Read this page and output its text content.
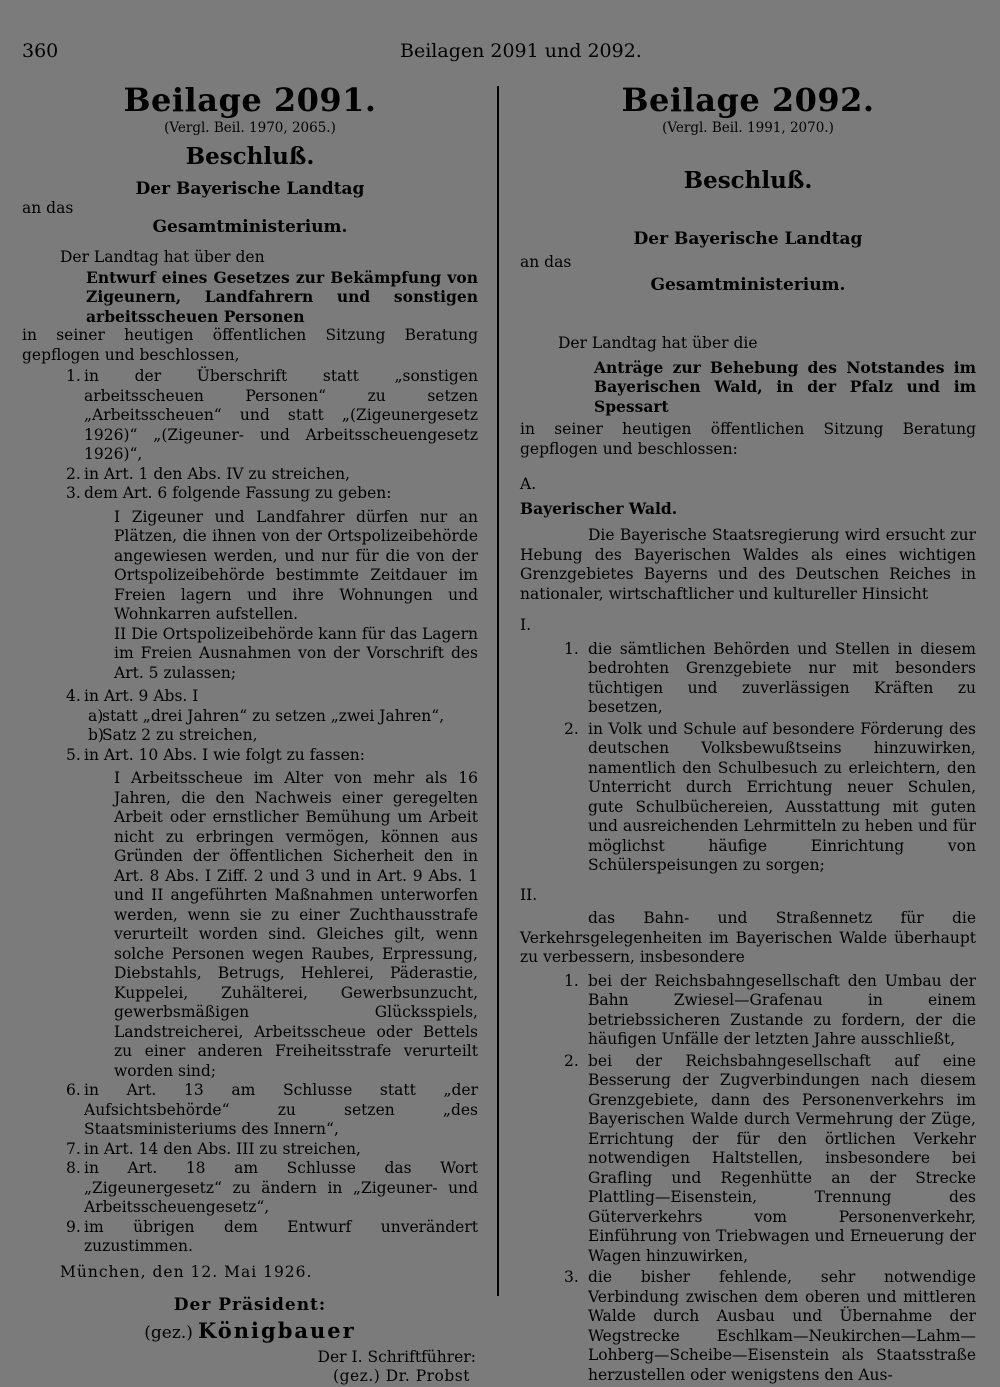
360	Beilagen 2091 und 2092.
Beilage 2091.

(Vergl. Beil. 1970, 2065.)

Beschluß.
Der Bayerische Landtag
an das
Gesamtministerium.

Der Landtag hat über den

Entwurf eines Gesetzes zur Bekämpfung von Zigeunern, Landfahrern und sonstigen arbeitsscheuen Personen

in seiner heutigen öffentlichen Sitzung Beratung gepflogen und beschlossen,

1. in der Überschrift statt „sonstigen arbeitsscheuen Personen“ zu setzen „Arbeitsscheuen“ und statt „(Zigeunergesetz 1926)“ „(Zigeuner- und Arbeitsscheuengesetz 1926)“,
2. in Art. 1 den Abs. IV zu streichen,
3. dem Art. 6 folgende Fassung zu geben:
I Zigeuner und Landfahrer dürfen nur an Plätzen, die ihnen von der Ortspolizeibehörde angewiesen werden, und nur für die von der Ortspolizeibehörde bestimmte Zeitdauer im Freien lagern und ihre Wohnungen und Wohnkarren aufstellen.
II Die Ortspolizeibehörde kann für das Lagern im Freien Ausnahmen von der Vorschrift des Art. 5 zulassen;
4. in Art. 9 Abs. I
a)
statt „drei Jahren“ zu setzen „zwei Jahren“,
b)
Satz 2 zu streichen,
5. in Art. 10 Abs. I wie folgt zu fassen:
I Arbeitsscheue im Alter von mehr als 16 Jahren, die den Nachweis einer geregelten Arbeit oder ernstlicher Bemühung um Arbeit nicht zu erbringen vermögen, können aus Gründen der öffentlichen Sicherheit den in Art. 8 Abs. I Ziff. 2 und 3 und in Art. 9 Abs. 1 und II angeführten Maßnahmen unterworfen werden, wenn sie zu einer Zuchthausstrafe verurteilt worden sind. Gleiches gilt, wenn solche Personen wegen Raubes, Erpressung, Diebstahls, Betrugs, Hehlerei, Päderastie, Kuppelei, Zuhälterei, Gewerbsunzucht, gewerbsmäßigen Glücksspiels, Landstreicherei, Arbeitsscheue oder Bettels zu einer anderen Freiheitsstrafe verurteilt worden sind;
6. in Art. 13 am Schlusse statt „der Aufsichtsbehörde“ zu setzen „des Staatsministeriums des Innern“,
7. in Art. 14 den Abs. III zu streichen,
8. in Art. 18 am Schlusse das Wort „Zigeunergesetz“ zu ändern in „Zigeuner- und Arbeitsscheuengesetz“,
9. im übrigen dem Entwurf unverändert zuzustimmen.

München, den 12. Mai 1926.

Der Präsident:
(gez.) Königbauer
Der I. Schriftführer:
(gez.) Dr. Probst
Beilage 2092.

(Vergl. Beil. 1991, 2070.)

Beschluß.
Der Bayerische Landtag
an das
Gesamtministerium.

Der Landtag hat über die

Anträge zur Behebung des Notstandes im Bayerischen Wald, in der Pfalz und im Spessart

in seiner heutigen öffentlichen Sitzung Beratung gepflogen und beschlossen:

A.
Bayerischer Wald.

Die Bayerische Staatsregierung wird ersucht zur Hebung des Bayerischen Waldes als eines wichtigen Grenzgebietes Bayerns und des Deutschen Reiches in nationaler, wirtschaftlicher und kultureller Hinsicht

I.
1. die sämtlichen Behörden und Stellen in diesem bedrohten Grenzgebiete nur mit besonders tüchtigen und zuverlässigen Kräften zu besetzen,
2. in Volk und Schule auf besondere Förderung des deutschen Volksbewußtseins hinzuwirken, namentlich den Schulbesuch zu erleichtern, den Unterricht durch Errichtung neuer Schulen, gute Schulbüchereien, Ausstattung mit guten und ausreichenden Lehrmitteln zu heben und für möglichst häufige Einrichtung von Schülerspeisungen zu sorgen;
II.

das Bahn- und Straßennetz für die Verkehrsgelegenheiten im Bayerischen Walde überhaupt zu verbessern, insbesondere

1. bei der Reichsbahngesellschaft den Umbau der Bahn Zwiesel—Grafenau in einem betriebssicheren Zustande zu fordern, der die häufigen Unfälle der letzten Jahre ausschließt,
2. bei der Reichsbahngesellschaft auf eine Besserung der Zugverbindungen nach diesem Grenzgebiete, dann des Personenverkehrs im Bayerischen Walde durch Vermehrung der Züge, Errichtung der für den örtlichen Verkehr notwendigen Haltstellen, insbesondere bei Grafling und Regenhütte an der Strecke Plattling—Eisenstein, Trennung des Güterverkehrs vom Personenverkehr, Einführung von Triebwagen und Erneuerung der Wagen hinzuwirken,
3. die bisher fehlende, sehr notwendige Verbindung zwischen dem oberen und mittleren Walde durch Ausbau und Übernahme der Wegstrecke Eschlkam—Neukirchen—Lahm—Lohberg—Scheibe—Eisenstein als Staatsstraße herzustellen oder wenigstens den Aus-
